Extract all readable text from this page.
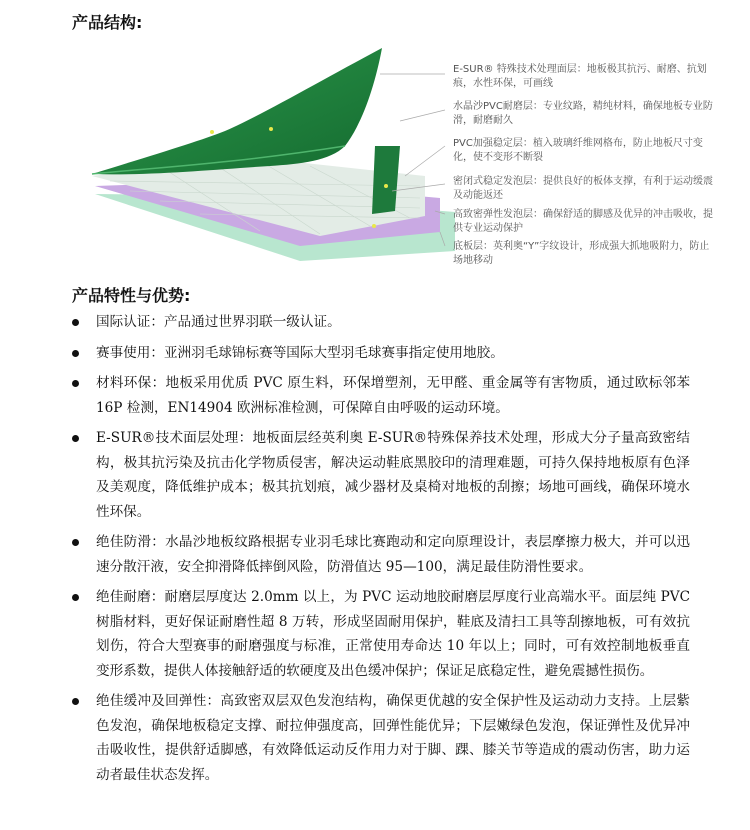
产品结构:
E-SUR® 特殊技术处理面层：地板极其抗污、耐磨、抗划痕，水性环保，可画线
水晶沙PVC耐磨层：专业纹路，精纯材料，确保地板专业防滑，耐磨耐久
PVC加强稳定层：植入玻璃纤维网格布，防止地板尺寸变化，使不变形不断裂
密闭式稳定发泡层：提供良好的板体支撑，有利于运动缓震及动能返还
高致密弹性发泡层：确保舒适的脚感及优异的冲击吸收，提供专业运动保护
底板层：英利奥“Y”字纹设计，形成强大抓地吸附力，防止场地移动
产品特性与优势:
国际认证：产品通过世界羽联一级认证。
赛事使用：亚洲羽毛球锦标赛等国际大型羽毛球赛事指定使用地胶。
材料环保：地板采用优质 PVC 原生料，环保增塑剂，无甲醛、重金属等有害物质，通过欧标邻苯 16P 检测，EN14904 欧洲标准检测，可保障自由呼吸的运动环境。
E-SUR®技术面层处理：地板面层经英利奥 E-SUR®特殊保养技术处理，形成大分子量高致密结构，极其抗污染及抗击化学物质侵害，解决运动鞋底黑胶印的清理难题，可持久保持地板原有色泽及美观度，降低维护成本；极其抗划痕，减少器材及桌椅对地板的刮擦；场地可画线，确保环境水性环保。
绝佳防滑：水晶沙地板纹路根据专业羽毛球比赛跑动和定向原理设计，表层摩擦力极大，并可以迅速分散汗液，安全抑滑降低摔倒风险，防滑值达 95—100，满足最佳防滑性要求。
绝佳耐磨：耐磨层厚度达 2.0mm 以上，为 PVC 运动地胶耐磨层厚度行业高端水平。面层纯 PVC 树脂材料，更好保证耐磨性超 8 万转，形成坚固耐用保护，鞋底及清扫工具等刮擦地板，可有效抗划伤，符合大型赛事的耐磨强度与标准，正常使用寿命达 10 年以上；同时，可有效控制地板垂直变形系数，提供人体接触舒适的软硬度及出色缓冲保护；保证足底稳定性，避免震撼性损伤。
绝佳缓冲及回弹性：高致密双层双色发泡结构，确保更优越的安全保护性及运动动力支持。上层紫色发泡，确保地板稳定支撑、耐拉伸强度高，回弹性能优异；下层嫩绿色发泡，保证弹性及优异冲击吸收性，提供舒适脚感，有效降低运动反作用力对于脚、踝、膝关节等造成的震动伤害，助力运动者最佳状态发挥。
